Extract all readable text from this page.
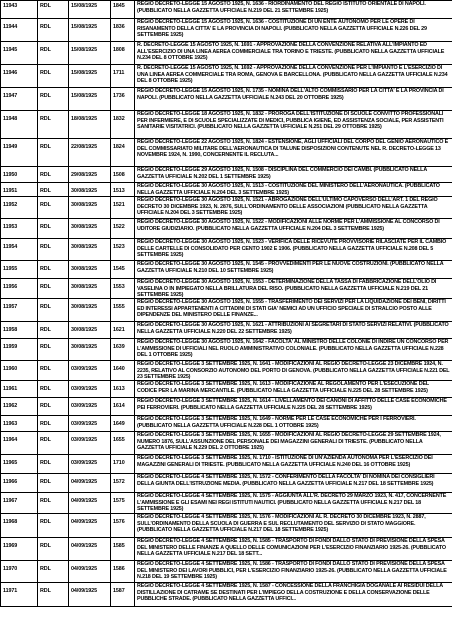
11943	RDL	15/08/1925	1845	REGIO DECRETO-LEGGE 15 AGOSTO 1925, N. 1636 - RIORDINAMENTO DEL REGIO ISTITUTO ORIENTALE DI NAPOLI. (PUBBLICATO NELLA GAZZETTA UFFICIALE N.219 DEL 21 SETTEMBRE 1925)

11944	RDL	15/08/1925	1836	REGIO DECRETO-LEGGE 15 AGOSTO 1925, N. 1636 - COSTITUZIONE DI UN ENTE AUTONOMO PER LE OPERE DI RISANAMENTO DELLA CITTA' E LA PROVINCIA DI NAPOLI. (PUBBLICATO NELLA GAZZETTA UFFICIALE N.226 DEL 29 SETTEMBRE 1925)

11945	RDL	15/08/1925	1808	R. DECRETO-LEGGE 15 AGOSTO 1925, N. 1691 - APPROVAZIONE DELLA CONVENZIONE RELATIVA ALL'IMPIANTO ED ALL'ESERCIZIO DI UNA LINEA AEREA COMMERCIALE TRA TORINO E TRIESTE. (PUBBLICATO NELLA GAZZETTA UFFICIALE N.234 DEL 8 OTTOBRE 1925)

11946	RDL	15/08/1925	1711	R. DECRETO-LEGGE 15 AGOSTO 1925, N. 1692 - APPROVAZIONE DELLA CONVENZIONE PER L'IMPIANTO E L'ESERCIZIO DI UNA LINEA AEREA COMMERCIALE TRA ROMA, GENOVA E BARCELLONA. (PUBBLICATO NELLA GAZZETTA UFFICIALE N.234 DEL 8 OTTOBRE 1925)

11947	RDL	15/08/1925	1736	REGIO DECRETO-LEGGE 15 AGOSTO 1925, N. 1735 - NOMINA DELL'ALTO COMMISSARIO PER LA CITTA' E LA PROVINCIA DI NAPOLI. (PUBBLICATO NELLA GAZZETTA UFFICIALE N.243 DEL 20 OTTOBRE 1925)

11948	RDL	18/08/1925	1832	REGIO DECRETO-LEGGE 18 AGOSTO 1925, N. 1832 - PROROGA DELL'ISTITUZIONE DI SCUOLE CONVITTO PROFESSIONALI PER INFERMIERE, E DI SCUOLE SPECIALIZZATE DI MEDICI, PUBBLICA IGIENE, ED ASSISTENZA SOCIALE, PER ASSISTENTI SANITARIE VISITATRICI. (PUBBLICATO NELLA GAZZETTA UFFICIALE N.251 DEL 29 OTTOBRE 1925)

11949	RDL	22/08/1925	1824	REGIO DECRETO-LEGGE 22 AGOSTO 1925, N. 1824 - ESTENSIONE, AGLI UFFICIALI DEL CORPO DEL GENIO AERONAUTICO E DEL COMMISSARIATO MILITARE DELL'AERONAUTICA DI TALUNE DISPOSIZIONI CONTENUTE NEL R. DECRETO-LEGGE 13 NOVEMBRE 1924, N. 1990, CONCERNENTE IL RECLUTA...

11950	RDL	29/08/1925	1508	REGIO DECRETO-LEGGE 29 AGOSTO 1925, N. 1508 - DISCIPLINA DEL COMMERCIO DEI CAMBI. (PUBBLICATO NELLA GAZZETTA UFFICIALE N.202 DEL 1 SETTEMBRE 1925)

11951	RDL	30/08/1925	1513	REGIO DECRETO-LEGGE 30 AGOSTO 1925, N. 1513 - COSTITUZIONE DEL MINISTERO DELL'AERONAUTICA. (PUBBLICATO NELLA GAZZETTA UFFICIALE N.204 DEL 3 SETTEMBRE 1925)

11952	RDL	30/08/1925	1521	REGIO DECRETO-LEGGE 30 AGOSTO 1925, N. 1521 - ABROGAZIONE DELL'ULTIMO CAPOVERSO DELL'ART. 1 DEL REGIO DECRETO 30 DICEMBRE 1923, N. 2876, SULL'ORDINAMENTO DELLE ASSOCIAZIONI (PUBBLICATO NELLA GAZZETTA UFFICIALE N.204 DEL 3 SETTEMBRE 1925)

11953	RDL	30/08/1925	1522	REGIO DECRETO-LEGGE 30 AGOSTO 1925, N. 1522 - MODIFICAZIONI ALLE NORME PER L'AMMISSIONE AL CONCORSO DI UDITORE GIUDIZIARIO. (PUBBLICATO NELLA GAZZETTA UFFICIALE N.204 DEL 3 SETTEMBRE 1925)

11954	RDL	30/08/1925	1523	REGIO DECRETO-LEGGE 30 AGOSTO 1925, N. 1523 - VERIFICA DELLE RICEVUTE PROVVISORIE RILASCIATE PER IL CAMBIO DELLE CARTELLE DI CONSOLIDATO PER CENTO 1902 E 1906. (PUBBLICATO NELLA GAZZETTA UFFICIALE N.208 DEL 5 SETTEMBRE 1925)

11955	RDL	30/08/1925	1545	REGIO DECRETO-LEGGE 30 AGOSTO 1925, N. 1545 - PROVVEDIMENTI PER LE NUOVE COSTRUZIONI. (PUBBLICATO NELLA GAZZETTA UFFICIALE N.210 DEL 10 SETTEMBRE 1925)

11956	RDL	30/08/1925	1553	REGIO DECRETO-LEGGE 30 AGOSTO 1925, N. 1553 - DETERMINAZIONE DELLA TASSA DI FABBRICAZIONE DELL'OLIO DI VASELINA O IN IMPIEGATO NELLA BRILLATURA DEL RISO. (PUBBLICATO NELLA GAZZETTA UFFICIALE N.219 DEL 21 SETTEMBRE 1925)

11957	RDL	30/08/1925	1555	REGIO DECRETO-LEGGE 30 AGOSTO 1925, N. 1555 - TRASFERIMENTO DEI SERVIZI PER LA LIQUIDAZIONE DEI BENI, DIRITTI ED INTERESSI APPARTENENTI A CITTADINI DI STATI GIA' NEMICI AD UN UFFICIO SPECIALE DI STRALCIO POSTO ALLE DIPENDENZE DEL MINISTERO DELLE FINANZE...

11958	RDL	30/08/1925	1621	REGIO DECRETO-LEGGE 30 AGOSTO 1925, N. 1621 - ATTRIBUZIONI AI SEGRETARI DI STATO SERVIZI RELATIVI. (PUBBLICATO NELLA GAZZETTA UFFICIALE N.220 DEL 22 SETTEMBRE 1925)

11959	RDL	30/08/1925	1639	REGIO DECRETO-LEGGE 30 AGOSTO 1925, N. 1642 - FACOLTA' AL MINISTRO DELLE COLONIE DI INDIRE UN CONCORSO PER L'AMMISSIONE DI UFFICIALI NEL RUOLO AMMINISTRATIVO COLONIALE. (PUBBLICATO NELLA GAZZETTA UFFICIALE N.228 DEL 1 OTTOBRE 1925)

11960	RDL	03/09/1925	1640	REGIO DECRETO-LEGGE 3 SETTEMBRE 1925, N. 1641 - MODIFICAZIONI AL REGIO DECRETO-LEGGE 23 DICEMBRE 1924, N. 2235, RELATIVO AL CONSORZIO AUTONOMO DEL PORTO DI GENOVA. (PUBBLICATO NELLA GAZZETTA UFFICIALE N.221 DEL 23 SETTEMBRE 1925)

11961	RDL	03/09/1925	1613	REGIO DECRETO-LEGGE 3 SETTEMBRE 1925, N. 1613 - MODIFICAZIONE AL REGOLAMENTO PER L'ESECUZIONE DEL CODICE PER LA MARINA MERCANTILE. (PUBBLICATO NELLA GAZZETTA UFFICIALE N.225 DEL 28 SETTEMBRE 1925)

11962	RDL	03/09/1925	1614	REGIO DECRETO-LEGGE 3 SETTEMBRE 1925, N. 1614 - LIVELLAMENTO DEI CANONI DI AFFITTO DELLE CASE ECONOMICHE PEI FERROVIERI. (PUBBLICATO NELLA GAZZETTA UFFICIALE N.225 DEL 28 SETTEMBRE 1925)

11963	RDL	03/09/1925	1649	REGIO DECRETO-LEGGE 3 SETTEMBRE 1925, N. 1649 - NORME PER LE CASE ECONOMICHE PER I FERROVIERI. (PUBBLICATO NELLA GAZZETTA UFFICIALE N.228 DEL 1 OTTOBRE 1925)

11964	RDL	03/09/1925	1655	REGIO DECRETO-LEGGE 3 SETTEMBRE 1925, N. 1655 - MODIFICAZIONI AL REGIO DECRETO-LEGGE 29 SETTEMBRE 1924, NUMERO 1876, SULL'ASSUNZIONE DEL PERSONALE DEI MAGAZZINI GENERALI DI TRIESTE. (PUBBLICATO NELLA GAZZETTA UFFICIALE N.229 DEL 2 OTTOBRE 1925)

11965	RDL	03/09/1925	1710	REGIO DECRETO-LEGGE 3 SETTEMBRE 1925, N. 1710 - ISTITUZIONE DI UN'AZIENDA AUTONOMA PER L'ESERCIZIO DEI MAGAZZINI GENERALI DI TRIESTE. (PUBBLICATO NELLA GAZZETTA UFFICIALE N.240 DEL 16 OTTOBRE 1925)

11966	RDL	04/09/1925	1572	REGIO DECRETO-LEGGE 4 SETTEMBRE 1925, N. 1572 - CONFERIMENTO DELLA FACOLTA' DI NOMINA DEI CONSIGLIERI DELLA GIUNTA DELL'ISTRUZIONE MEDIA. (PUBBLICATO NELLA GAZZETTA UFFICIALE N.217 DEL 18 SETTEMBRE 1925)

11967	RDL	04/09/1925	1575	REGIO DECRETO-LEGGE 4 SETTEMBRE 1925, N. 1575 - AGGIUNTA ALL'R. DECRETO 29 MARZO 1923, N. 417, CONCERNENTE L'AMMISSIONE E GLI ESAMI NEI REGI ISTITUTI NAUTICI. (PUBBLICATO NELLA GAZZETTA UFFICIALE N.217 DEL 18 SETTEMBRE 1925)

11968	RDL	04/09/1925	1576	REGIO DECRETO-LEGGE 4 SETTEMBRE 1925, N. 1576 - MODIFICAZIONI AL R. DECRETO 30 DICEMBRE 1923, N. 2887, SULL'ORDINAMENTO DELLA SCUOLA DI GUERRA E SUL RECLUTAMENTO DEL SERVIZIO DI STATO MAGGIORE. (PUBBLICATO NELLA GAZZETTA UFFICIALE N.217 DEL 18 SETTEMBRE 1925)

11969	RDL	04/09/1925	1585	REGIO DECRETO-LEGGE 4 SETTEMBRE 1925, N. 1585 - TRASPORTO DI FONDI DALLO STATO DI PREVISIONE DELLA SPESA DEL MINISTERO DELLE FINANZE A QUELLO DELLE COMUNICAZIONI PER L'ESERCIZIO FINANZIARIO 1925-26. (PUBBLICATO NELLA GAZZETTA UFFICIALE N.217 DEL 18 SETT...

11970	RDL	04/09/1925	1586	REGIO DECRETO-LEGGE 4 SETTEMBRE 1925, N. 1586 - TRASPORTO DI FONDI DALLO STATO DI PREVISIONE DELLA SPESA DEL MINISTERO DEI LAVORI PUBBLICI, PER L'ESERCIZIO FINANZIARIO 1925-26. (PUBBLICATO NELLA GAZZETTA UFFICIALE N.218 DEL 19 SETTEMBRE 1925)

11971	RDL	04/09/1925	1587	REGIO DECRETO-LEGGE 4 SETTEMBRE 1925, N. 1587 - CONCESSIONE DELLA FRANCHIGIA DOGANALE AI RESIDUI DELLA DISTILLAZIONE DI CATRAME SE DESTINATI PER L'IMPIEGO DELLA COSTRUZIONE E DELLA CONSERVAZIONE DELLE PUBBLICHE STRADE. (PUBBLICATO NELLA GAZZETTA UFFICI...
